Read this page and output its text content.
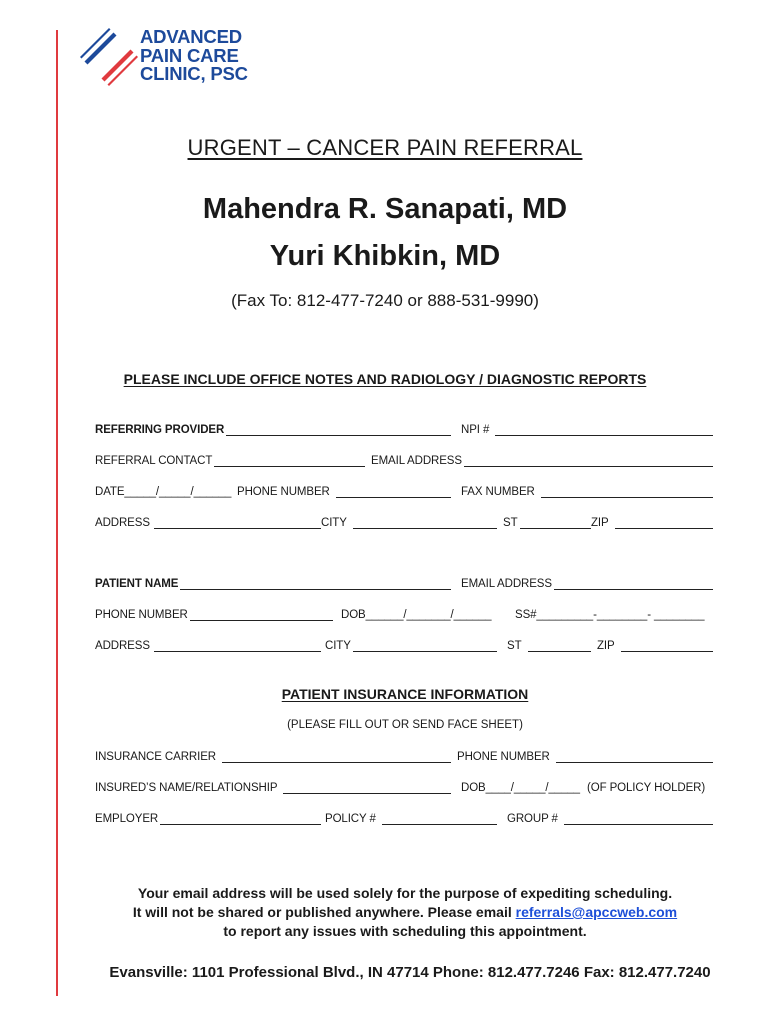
ADVANCED
PAIN CARE
CLINIC, PSC
URGENT – CANCER PAIN REFERRAL
Mahendra R. Sanapati, MD
Yuri Khibkin, MD
(Fax To: 812-477-7240 or 888-531-9990)
PLEASE INCLUDE OFFICE NOTES AND RADIOLOGY / DIAGNOSTIC REPORTS
REFERRING PROVIDER	NPI #
REFERRAL CONTACT	EMAIL ADDRESS
DATE_____/_____/______ PHONE NUMBER	FAX NUMBER
ADDRESS	CITY	ST	ZIP
PATIENT NAME	EMAIL ADDRESS
PHONE NUMBER	DOB______/_______/______ SS#_________-________- ________
ADDRESS	CITY	ST	ZIP
PATIENT INSURANCE INFORMATION
(PLEASE FILL OUT OR SEND FACE SHEET)
INSURANCE CARRIER	PHONE NUMBER
INSURED’S NAME/RELATIONSHIP	DOB____/_____/_____ (OF POLICY HOLDER)
EMPLOYER	POLICY #	GROUP #
Your email address will be used solely for the purpose of expediting scheduling.
It will not be shared or published anywhere. Please email referrals@apccweb.com
to report any issues with scheduling this appointment.
Evansville: 1101 Professional Blvd., IN 47714 Phone: 812.477.7246 Fax: 812.477.7240
